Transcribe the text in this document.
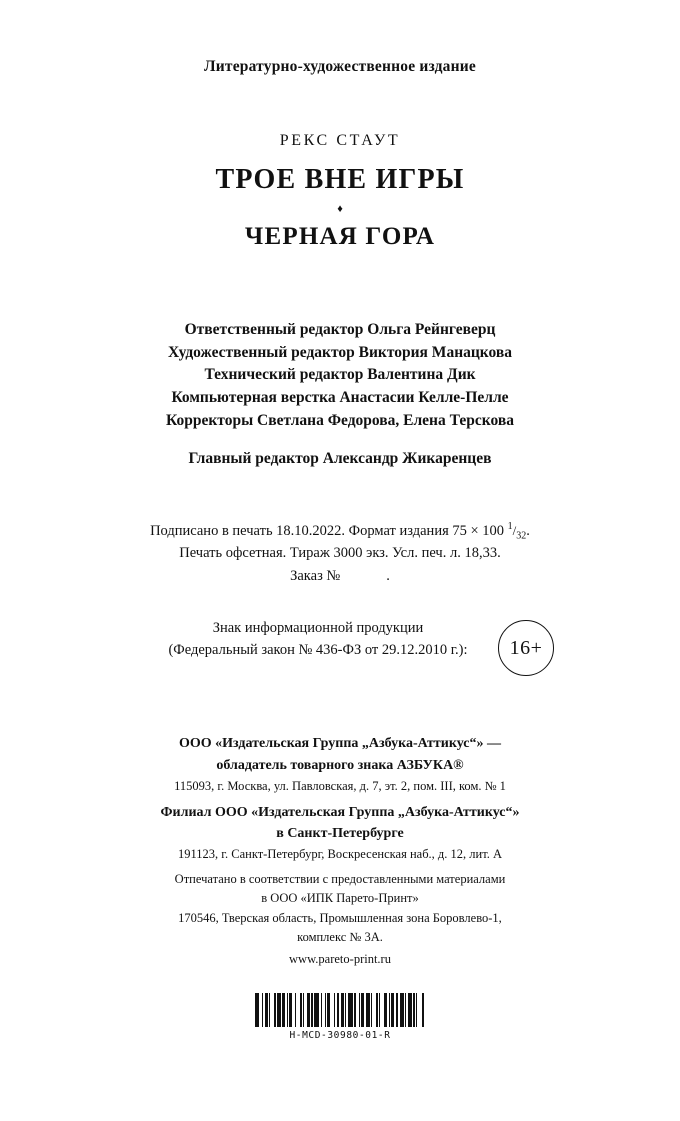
Литературно-художественное издание
РЕКС СТАУТ
ТРОЕ ВНЕ ИГРЫ
♦
ЧЕРНАЯ ГОРА
Ответственный редактор Ольга Рейнгеверц
Художественный редактор Виктория Манацкова
Технический редактор Валентина Дик
Компьютерная верстка Анастасии Келле-Пелле
Корректоры Светлана Федорова, Елена Терскова
Главный редактор Александр Жикаренцев
Подписано в печать 18.10.2022. Формат издания 75 × 100 $^1/_{32}$.
Печать офсетная. Тираж 3000 экз. Усл. печ. л. 18,33.
Заказ №	.
Знак информационной продукции
(Федеральный закон № 436-ФЗ от 29.12.2010 г.):	16+
ООО «Издательская Группа „Азбука-Аттикус“» —
обладатель товарного знака АЗБУКА®
115093, г. Москва, ул. Павловская, д. 7, эт. 2, пом. III, ком. № 1
Филиал ООО «Издательская Группа „Азбука-Аттикус“»
в Санкт-Петербурге
191123, г. Санкт-Петербург, Воскресенская наб., д. 12, лит. А
Отпечатано в соответствии с предоставленными материалами
в ООО «ИПК Парето-Принт»
170546, Тверская область, Промышленная зона Боровлево-1,
комплекс № 3А.
www.pareto-print.ru
H-MCD-30980-01-R
